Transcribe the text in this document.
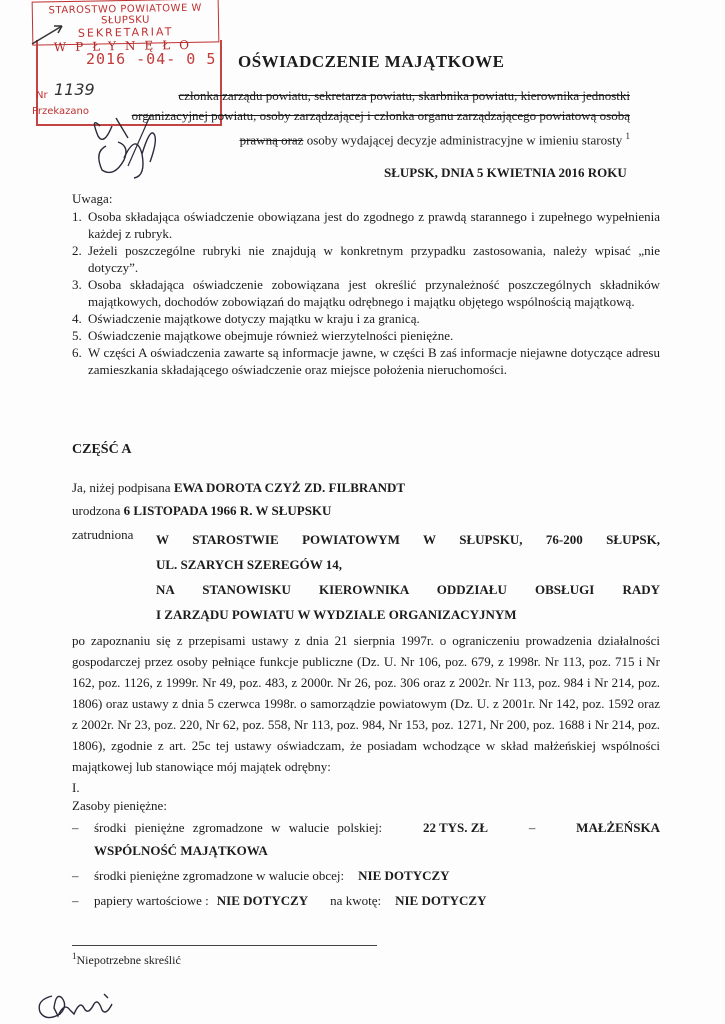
STAROSTWO POWIATOWE W SŁUPSKU
SEKRETARIAT
WPŁYNĘŁO
2016 -04- 0 5
Nr 1139
Przekazano
OŚWIADCZENIE MAJĄTKOWE
członka zarządu powiatu, sekretarza powiatu, skarbnika powiatu, kierownika jednostki
organizacyjnej powiatu, osoby zarządzającej i członka organu zarządzającego powiatową osobą
prawną oraz osoby wydającej decyzje administracyjne w imieniu starosty $^1$
SŁUPSK, DNIA 5 KWIETNIA 2016 ROKU
Uwaga:
1. Osoba składająca oświadczenie obowiązana jest do zgodnego z prawdą starannego i zupełnego wypełnienia każdej z rubryk.
2. Jeżeli poszczególne rubryki nie znajdują w konkretnym przypadku zastosowania, należy wpisać „nie dotyczy”.
3. Osoba składająca oświadczenie zobowiązana jest określić przynależność poszczególnych składników majątkowych, dochodów zobowiązań do majątku odrębnego i majątku objętego wspólnością majątkową.
4. Oświadczenie majątkowe dotyczy majątku w kraju i za granicą.
5. Oświadczenie majątkowe obejmuje również wierzytelności pieniężne.
6. W części A oświadczenia zawarte są informacje jawne, w części B zaś informacje niejawne dotyczące adresu zamieszkania składającego oświadczenie oraz miejsce położenia nieruchomości.
CZĘŚĆ A
Ja, niżej podpisana EWA DOROTA CZYŻ ZD. FILBRANDT
urodzona 6 LISTOPADA 1966 R. W SŁUPSKU
zatrudniona W STAROSTWIE POWIATOWYM W SŁUPSKU, 76-200 SŁUPSK,
UL. SZARYCH SZEREGÓW 14,
NA STANOWISKU KIEROWNIKA ODDZIAŁU OBSŁUGI RADY
I ZARZĄDU POWIATU W WYDZIALE ORGANIZACYJNYM
po zapoznaniu się z przepisami ustawy z dnia 21 sierpnia 1997r. o ograniczeniu prowadzenia działalności gospodarczej przez osoby pełniące funkcje publiczne (Dz. U. Nr 106, poz. 679, z 1998r. Nr 113, poz. 715 i Nr 162, poz. 1126, z 1999r. Nr 49, poz. 483, z 2000r. Nr 26, poz. 306 oraz z 2002r. Nr 113, poz. 984 i Nr 214, poz. 1806) oraz ustawy z dnia 5 czerwca 1998r. o samorządzie powiatowym (Dz. U. z 2001r. Nr 142, poz. 1592 oraz z 2002r. Nr 23, poz. 220, Nr 62, poz. 558, Nr 113, poz. 984, Nr 153, poz. 1271, Nr 200, poz. 1688 i Nr 214, poz. 1806), zgodnie z art. 25c tej ustawy oświadczam, że posiadam wchodzące w skład małżeńskiej wspólności majątkowej lub stanowiące mój majątek odrębny:
I.
Zasoby pieniężne:
–	środki pieniężne zgromadzone w walucie polskiej:	22 TYS. ZŁ	–	MAŁŻEŃSKA
WSPÓLNOŚĆ MAJĄTKOWA
–	środki pieniężne zgromadzone w walucie obcej: NIE DOTYCZY
–	papiery wartościowe : NIE DOTYCZY na kwotę: NIE DOTYCZY
$^1$Niepotrzebne skreślić
